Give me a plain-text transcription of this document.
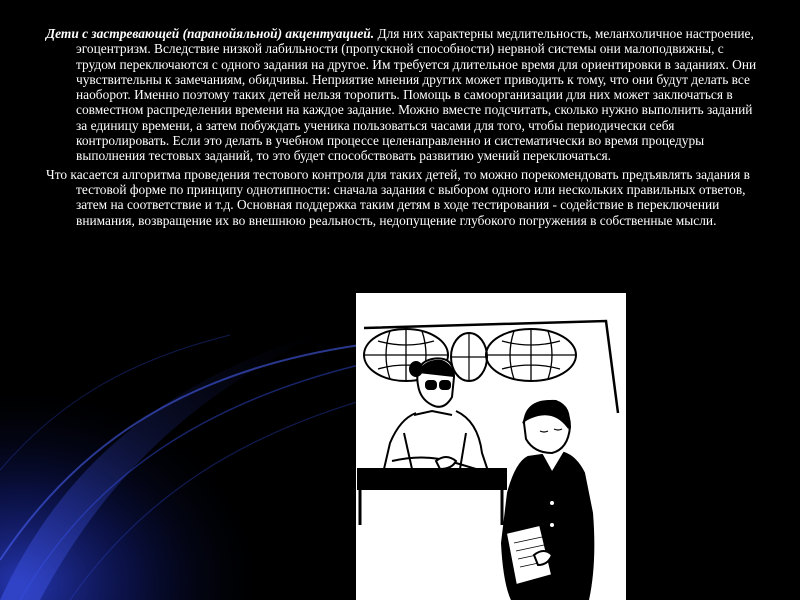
Дети с застревающей (паранойяльной) акцентуацией. Для них характерны медлительность, меланхоличное настроение, эгоцентризм. Вследствие низкой лабильности (пропускной способности) нервной системы они малоподвижны, с трудом переключаются с одного задания на другое. Им требуется длительное время для ориентировки в заданиях. Они чувствительны к замечаниям, обидчивы. Неприятие мнения других может приводить к тому, что они будут делать все наоборот. Именно поэтому таких детей нельзя торопить. Помощь в самоорганизации для них может заключаться в совместном распределении времени на каждое задание. Можно вместе подсчитать, сколько нужно выполнить заданий за единицу времени, а затем побуждать ученика пользоваться часами для того, чтобы периодически себя контролировать. Если это делать в учебном процессе целенаправленно и систематически во время процедуры выполнения тестовых заданий, то это будет способствовать развитию умений переключаться.

Что касается алгоритма проведения тестового контроля для таких детей, то можно порекомендовать предъявлять задания в тестовой форме по принципу однотипности: сначала задания с выбором одного или нескольких правильных ответов, затем на соответствие и т.д. Основная поддержка таким детям в ходе тестирования - содействие в переключении внимания, возвращение их во внешнюю реальность, недопущение глубокого погружения в собственные мысли.
